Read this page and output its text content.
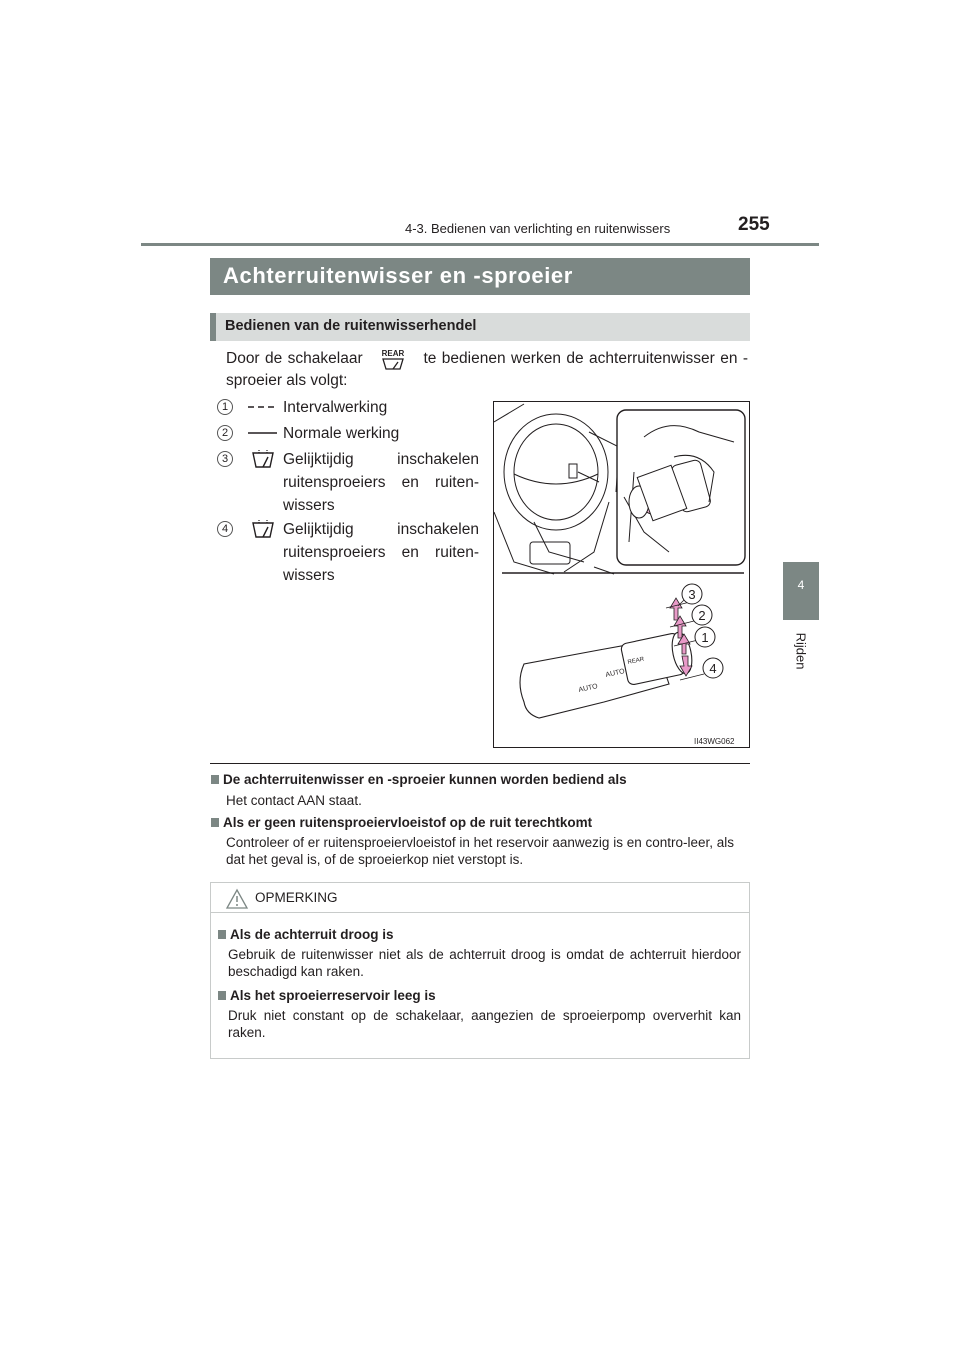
4-3. Bedienen van verlichting en ruitenwissers	255
4
Rijden
Achterruitenwisser en -sproeier
Bedienen van de ruitenwisserhendel
Door de schakelaar REAR te bedienen werken de achterruitenwisser en -sproeier als volgt:
1	Intervalwerking
2	Normale werking
3	Gelijktijdig inschakelen ruitensproeiers en ruiten-wissers
4	Gelijktijdig inschakelen ruitensproeiers en ruiten-wissers
AUTO
AUTO
REAR
3
2
1
4
II43WG062
De achterruitenwisser en -sproeier kunnen worden bediend als
Het contact AAN staat.
Als er geen ruitensproeiervloeistof op de ruit terechtkomt
Controleer of er ruitensproeiervloeistof in het reservoir aanwezig is en contro-leer, als dat het geval is, of de sproeierkop niet verstopt is.
OPMERKING
Als de achterruit droog is
Gebruik de ruitenwisser niet als de achterruit droog is omdat de achterruit hierdoor beschadigd kan raken.
Als het sproeierreservoir leeg is
Druk niet constant op de schakelaar, aangezien de sproeierpomp oververhit kan raken.
